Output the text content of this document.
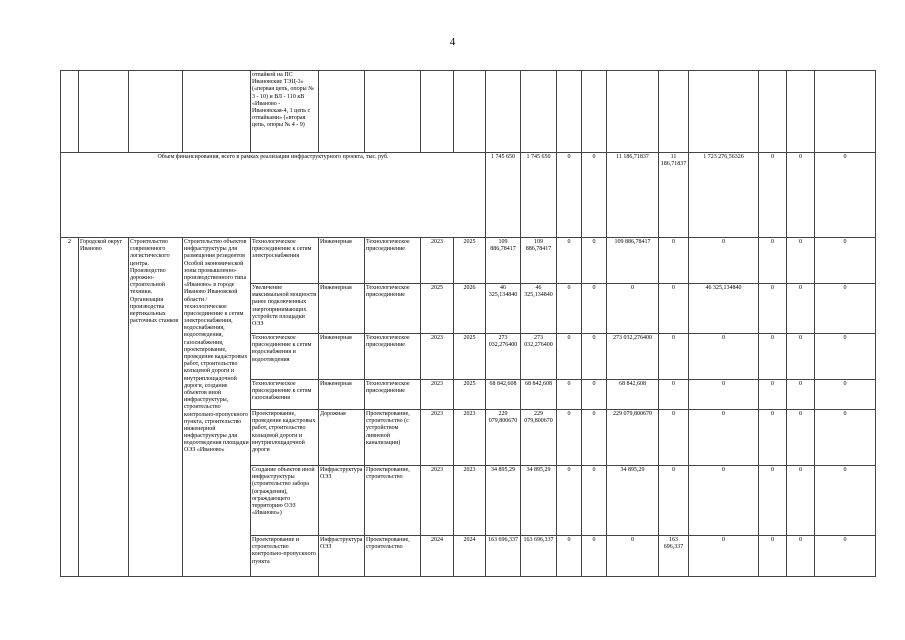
4
				отпайкой на ПС Ивановские ТЭЦ-3» («первая цепь, опоры № 3 - 10) и ВЛ - 110 кВ «Иваново - Ивановская-4, 1 цепь с отпайками» («вторая цепь, опоры № 4 - 9)														
Объем финансирования, всего в рамках реализации инфраструктурного проекта, тыс. руб.									1 745 650	1 745 650	0	0	11 186,71837	11 186,71837	1 723 276,56326	0	0	0
2	Городской округ Иваново	Строительство современного логистического центра. Производство дорожно-строительной техники. Организация производства вертикальных расточных станков	Строительство объектов инфраструктуры для размещения резидентов Особой экономической зоны промышленно-производственного типа «Иваново» в городе Иваново Ивановской области / технологическое присоединение к сетям электроснабжения, водоснабжения, водоотведения, газоснабжения, проектирование, проведение кадастровых работ, строительство кольцевой дороги и внутриплощадочной дороги, создание объектов иной инфраструктуры, строительство контрольно-пропускного пункта, строительство инженерной инфраструктуры для водоотведения площадки ОЭЗ «Иваново»	Технологическое присоединение к сетям электроснабжения	Инженерная	Технологическое присоединение	2023	2025	109 886,78417	109 886,78417	0	0	109 886,78417	0	0	0	0	0
				Увеличение максимальной мощности ранее подключенных энергопринимающих устройств площадки ОЭЗ	Инженерная	Технологическое присоединение	2025	2026	46 325,134840	46 325,134840	0	0	0	0	46 325,134840	0	0	0
				Технологическое присоединение к сетям водоснабжения и водоотведения	Инженерная	Технологическое присоединение	2023	2025	273 032,276400	273 032,276400	0	0	273 032,276400	0	0	0	0	0
				Технологическое присоединение к сетям газоснабжения	Инженерная	Технологическое присоединение	2023	2025	68 842,608	68 842,608	0	0	68 842,608	0	0	0	0	0
				Проектирование, проведение кадастровых работ, строительство кольцевой дороги и внутриплощадочной дороги	Дорожная	Проектирование, строительство (с устройством ливневой канализации)	2023	2023	229 079,800670	229 079,800670	0	0	229 079,800670	0	0	0	0	0
				Создание объектов иной инфраструктуры (строительство забора (ограждения), ограждающего территорию ОЭЗ «Иваново»)	Инфраструктура ОЭЗ	Проектирование, строительство	2023	2023	34 895,29	34 895,29	0	0	34 895,29	0	0	0	0	0
				Проектирование и строительство контрольно-пропускного пункта	Инфраструктура ОЭЗ	Проектирование, строительство	2024	2024	163 696,337	163 696,337	0	0	0	163 696,337	0	0	0	0
